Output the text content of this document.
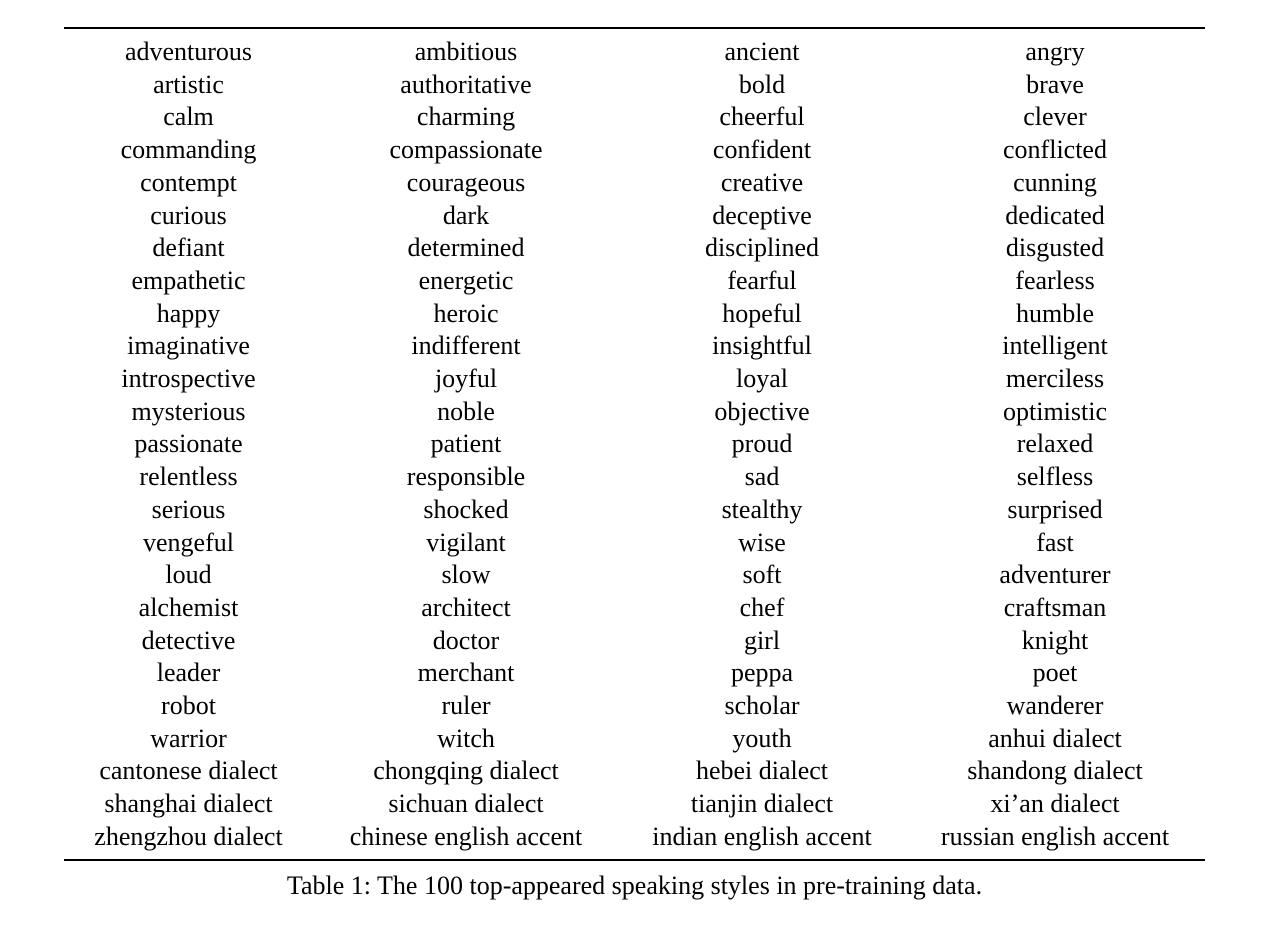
adventurous	ambitious	ancient	angry
artistic	authoritative	bold	brave
calm	charming	cheerful	clever
commanding	compassionate	confident	conflicted
contempt	courageous	creative	cunning
curious	dark	deceptive	dedicated
defiant	determined	disciplined	disgusted
empathetic	energetic	fearful	fearless
happy	heroic	hopeful	humble
imaginative	indifferent	insightful	intelligent
introspective	joyful	loyal	merciless
mysterious	noble	objective	optimistic
passionate	patient	proud	relaxed
relentless	responsible	sad	selfless
serious	shocked	stealthy	surprised
vengeful	vigilant	wise	fast
loud	slow	soft	adventurer
alchemist	architect	chef	craftsman
detective	doctor	girl	knight
leader	merchant	peppa	poet
robot	ruler	scholar	wanderer
warrior	witch	youth	anhui dialect
cantonese dialect	chongqing dialect	hebei dialect	shandong dialect
shanghai dialect	sichuan dialect	tianjin dialect	xi’an dialect
zhengzhou dialect	chinese english accent	indian english accent	russian english accent
Table 1: The 100 top-appeared speaking styles in pre-training data.
